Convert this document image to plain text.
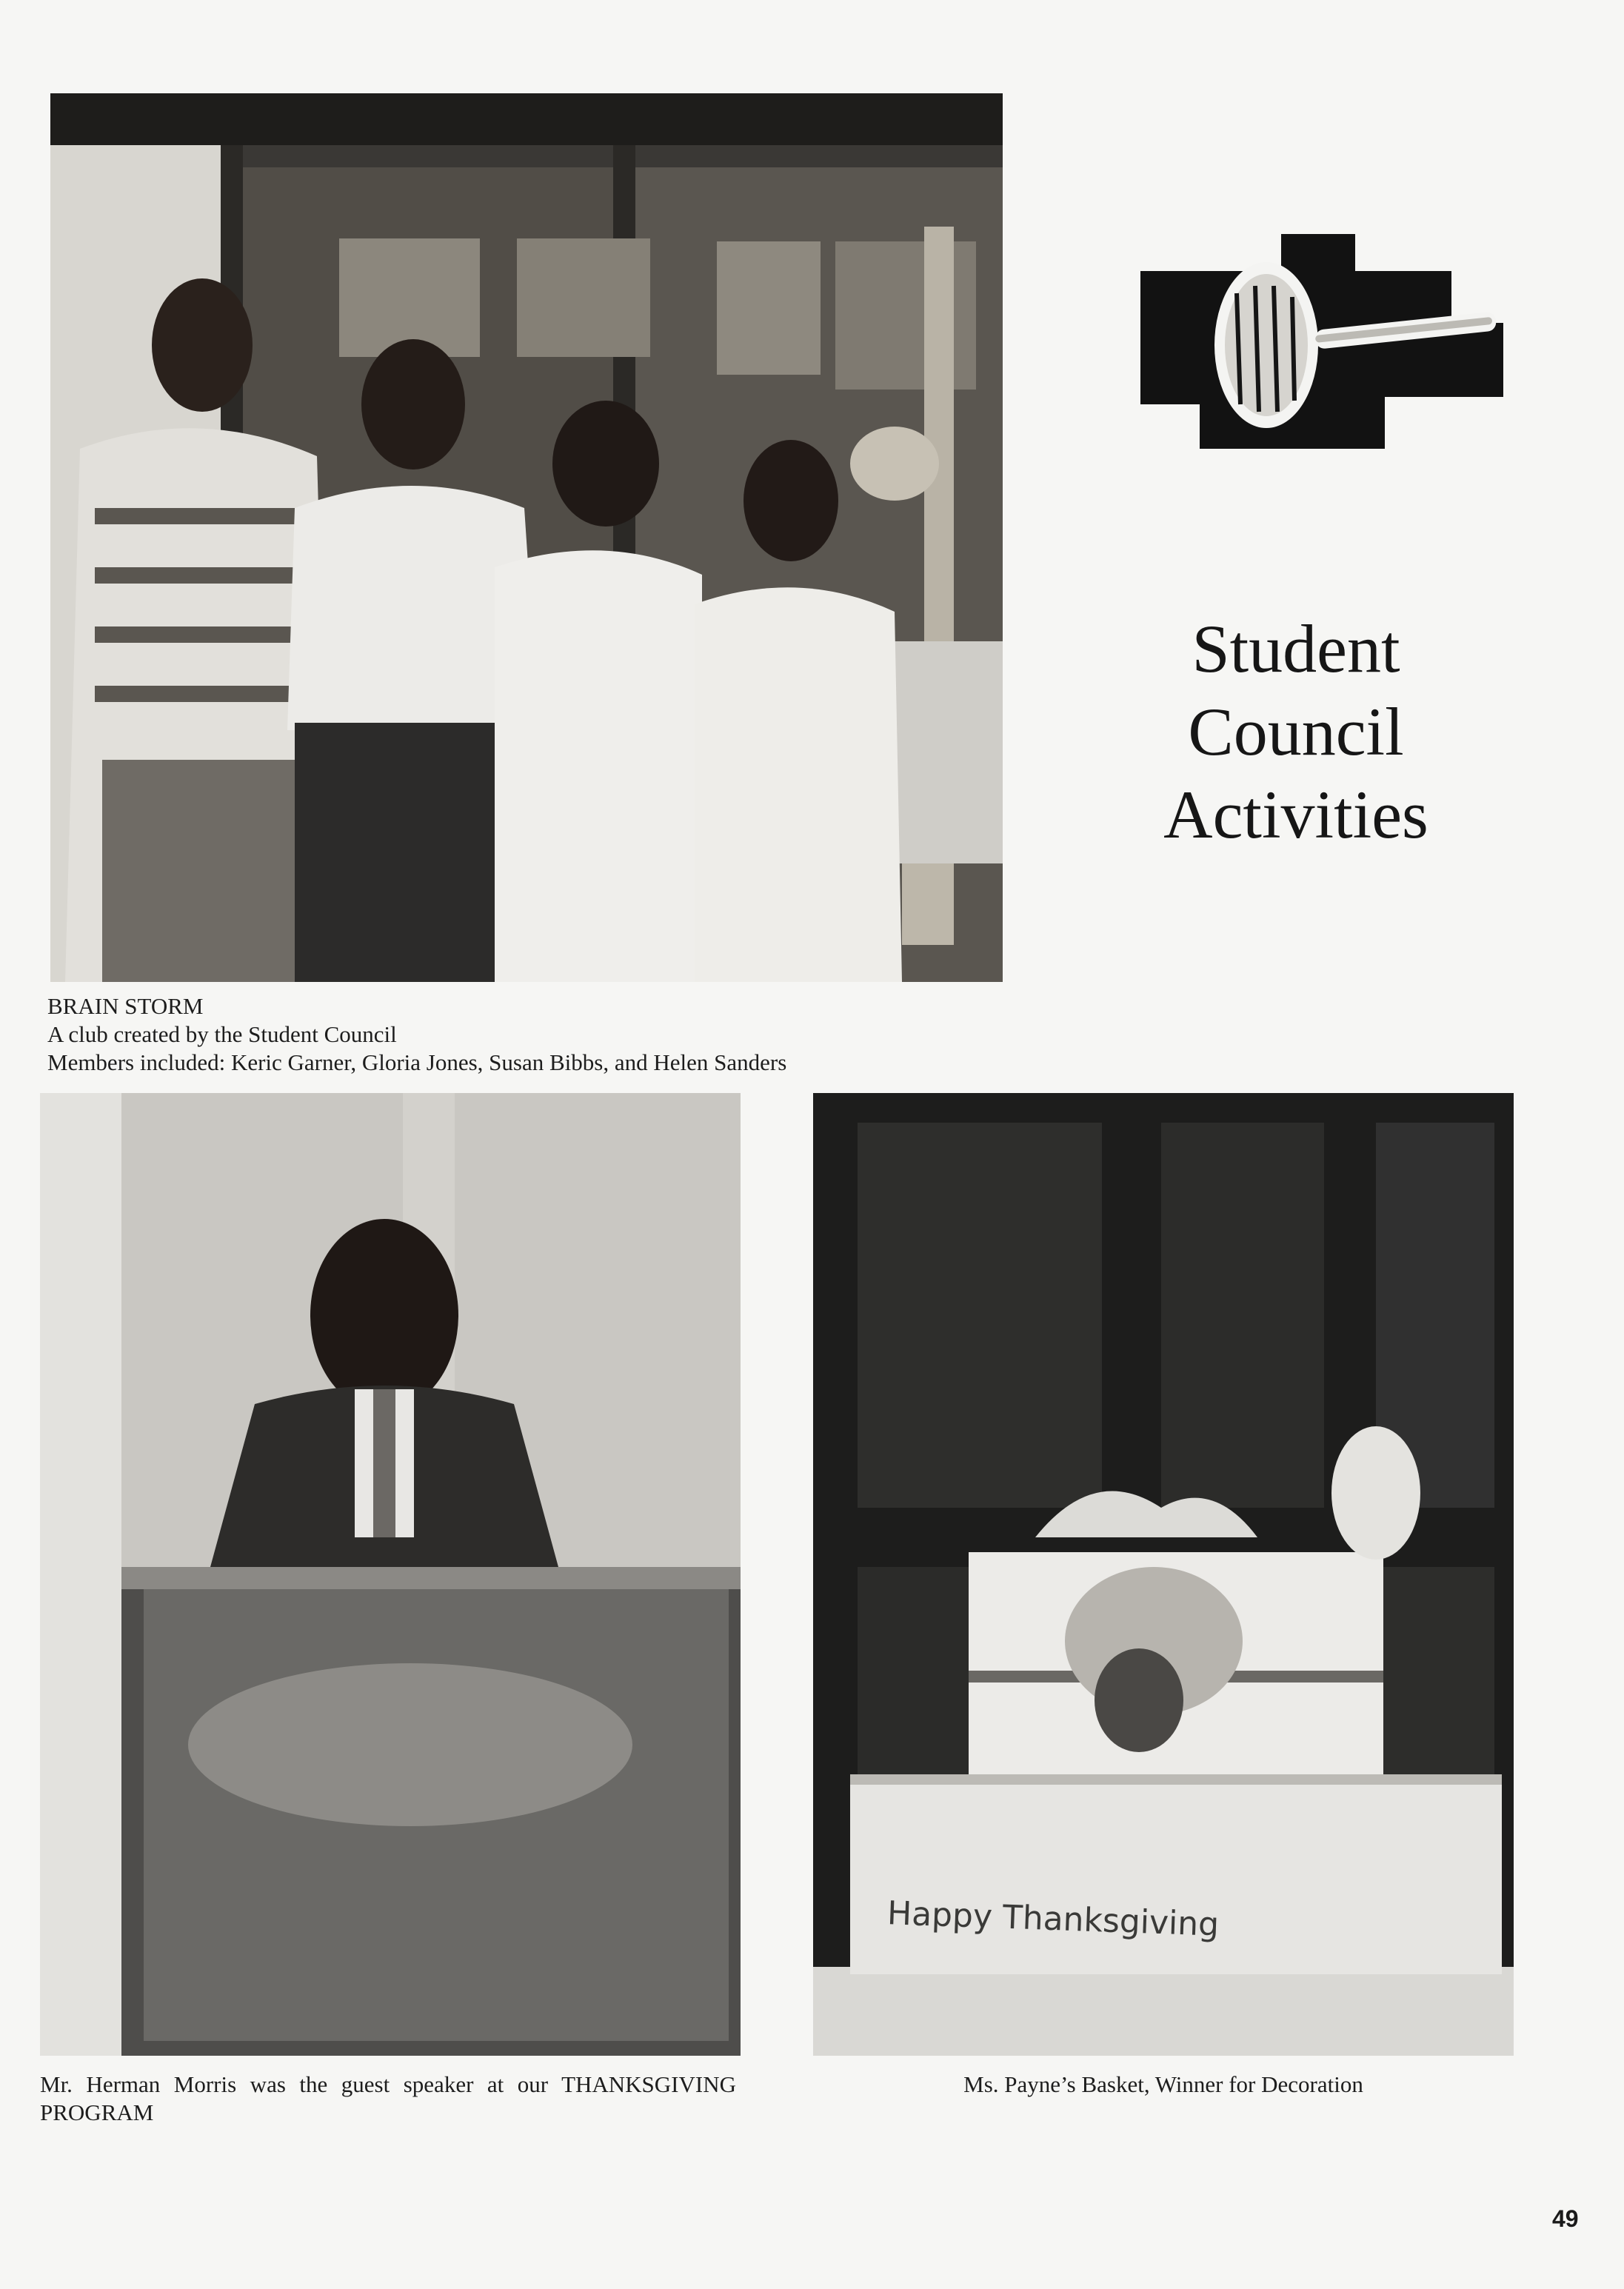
BRAIN STORM
A club created by the Student Council
Members included: Keric Garner, Gloria Jones, Susan Bibbs, and Helen Sanders
Student
Council
Activities
Mr. Herman Morris was the guest speaker at our THANKSGIVING PROGRAM
Happy Thanksgiving
Ms. Payne’s Basket, Winner for Decoration
49
